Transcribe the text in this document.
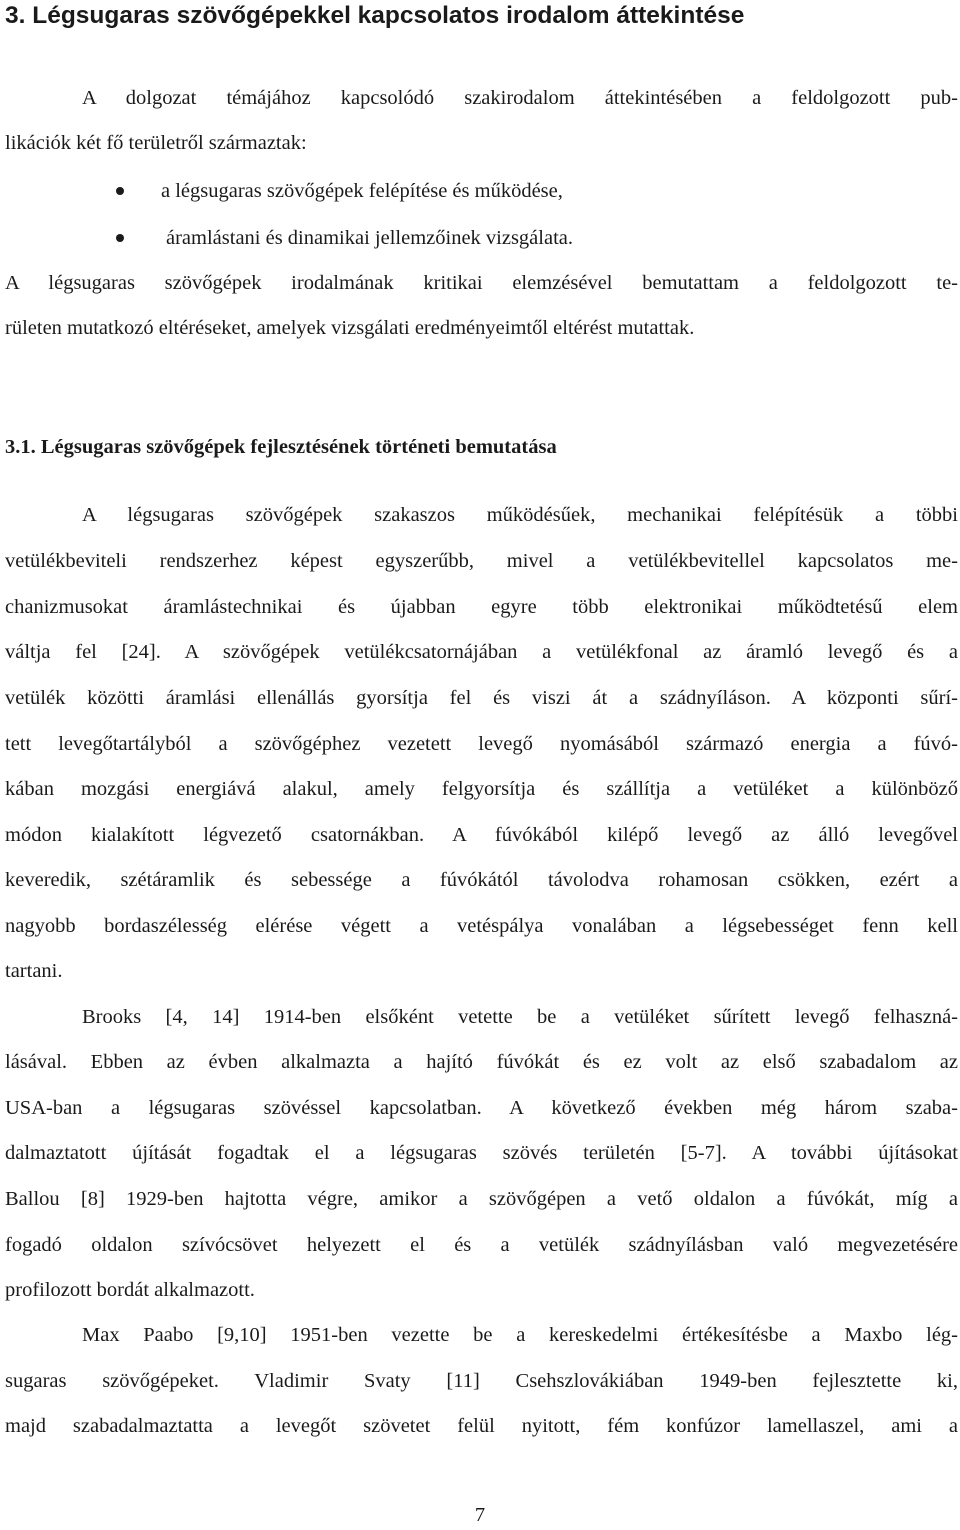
3. Légsugaras szövőgépekkel kapcsolatos irodalom áttekintése
A dolgozat témájához kapcsolódó szakirodalom áttekintésében a feldolgozott pub-
likációk két fő területről származtak:
a légsugaras szövőgépek felépítése és működése,
áramlástani és dinamikai jellemzőinek vizsgálata.
A légsugaras szövőgépek irodalmának kritikai elemzésével bemutattam a feldolgozott te-
rületen mutatkozó eltéréseket, amelyek vizsgálati eredményeimtől eltérést mutattak.
3.1. Légsugaras szövőgépek fejlesztésének történeti bemutatása
A légsugaras szövőgépek szakaszos működésűek, mechanikai felépítésük a többi
vetülékbeviteli rendszerhez képest egyszerűbb, mivel a vetülékbevitellel kapcsolatos me-
chanizmusokat áramlástechnikai és újabban egyre több elektronikai működtetésű elem
váltja fel [24]. A szövőgépek vetülékcsatornájában a vetülékfonal az áramló levegő és a
vetülék közötti áramlási ellenállás gyorsítja fel és viszi át a szádnyíláson. A központi sűrí-
tett levegőtartályból a szövőgéphez vezetett levegő nyomásából származó energia a fúvó-
kában mozgási energiává alakul, amely felgyorsítja és szállítja a vetüléket a különböző
módon kialakított légvezető csatornákban. A fúvókából kilépő levegő az álló levegővel
keveredik, szétáramlik és sebessége a fúvókától távolodva rohamosan csökken, ezért a
nagyobb bordaszélesség elérése végett a vetéspálya vonalában a légsebességet fenn kell
tartani.
Brooks [4, 14] 1914-ben elsőként vetette be a vetüléket sűrített levegő felhaszná-
lásával. Ebben az évben alkalmazta a hajító fúvókát és ez volt az első szabadalom az
USA-ban a légsugaras szövéssel kapcsolatban. A következő években még három szaba-
dalmaztatott újítását fogadtak el a légsugaras szövés területén [5-7]. A további újításokat
Ballou [8] 1929-ben hajtotta végre, amikor a szövőgépen a vető oldalon a fúvókát, míg a
fogadó oldalon szívócsövet helyezett el és a vetülék szádnyílásban való megvezetésére
profilozott bordát alkalmazott.
Max Paabo [9,10] 1951-ben vezette be a kereskedelmi értékesítésbe a Maxbo lég-
sugaras szövőgépeket. Vladimir Svaty [11] Csehszlovákiában 1949-ben fejlesztette ki,
majd szabadalmaztatta a levegőt szövetet felül nyitott, fém konfúzor lamellaszel, ami a
7
